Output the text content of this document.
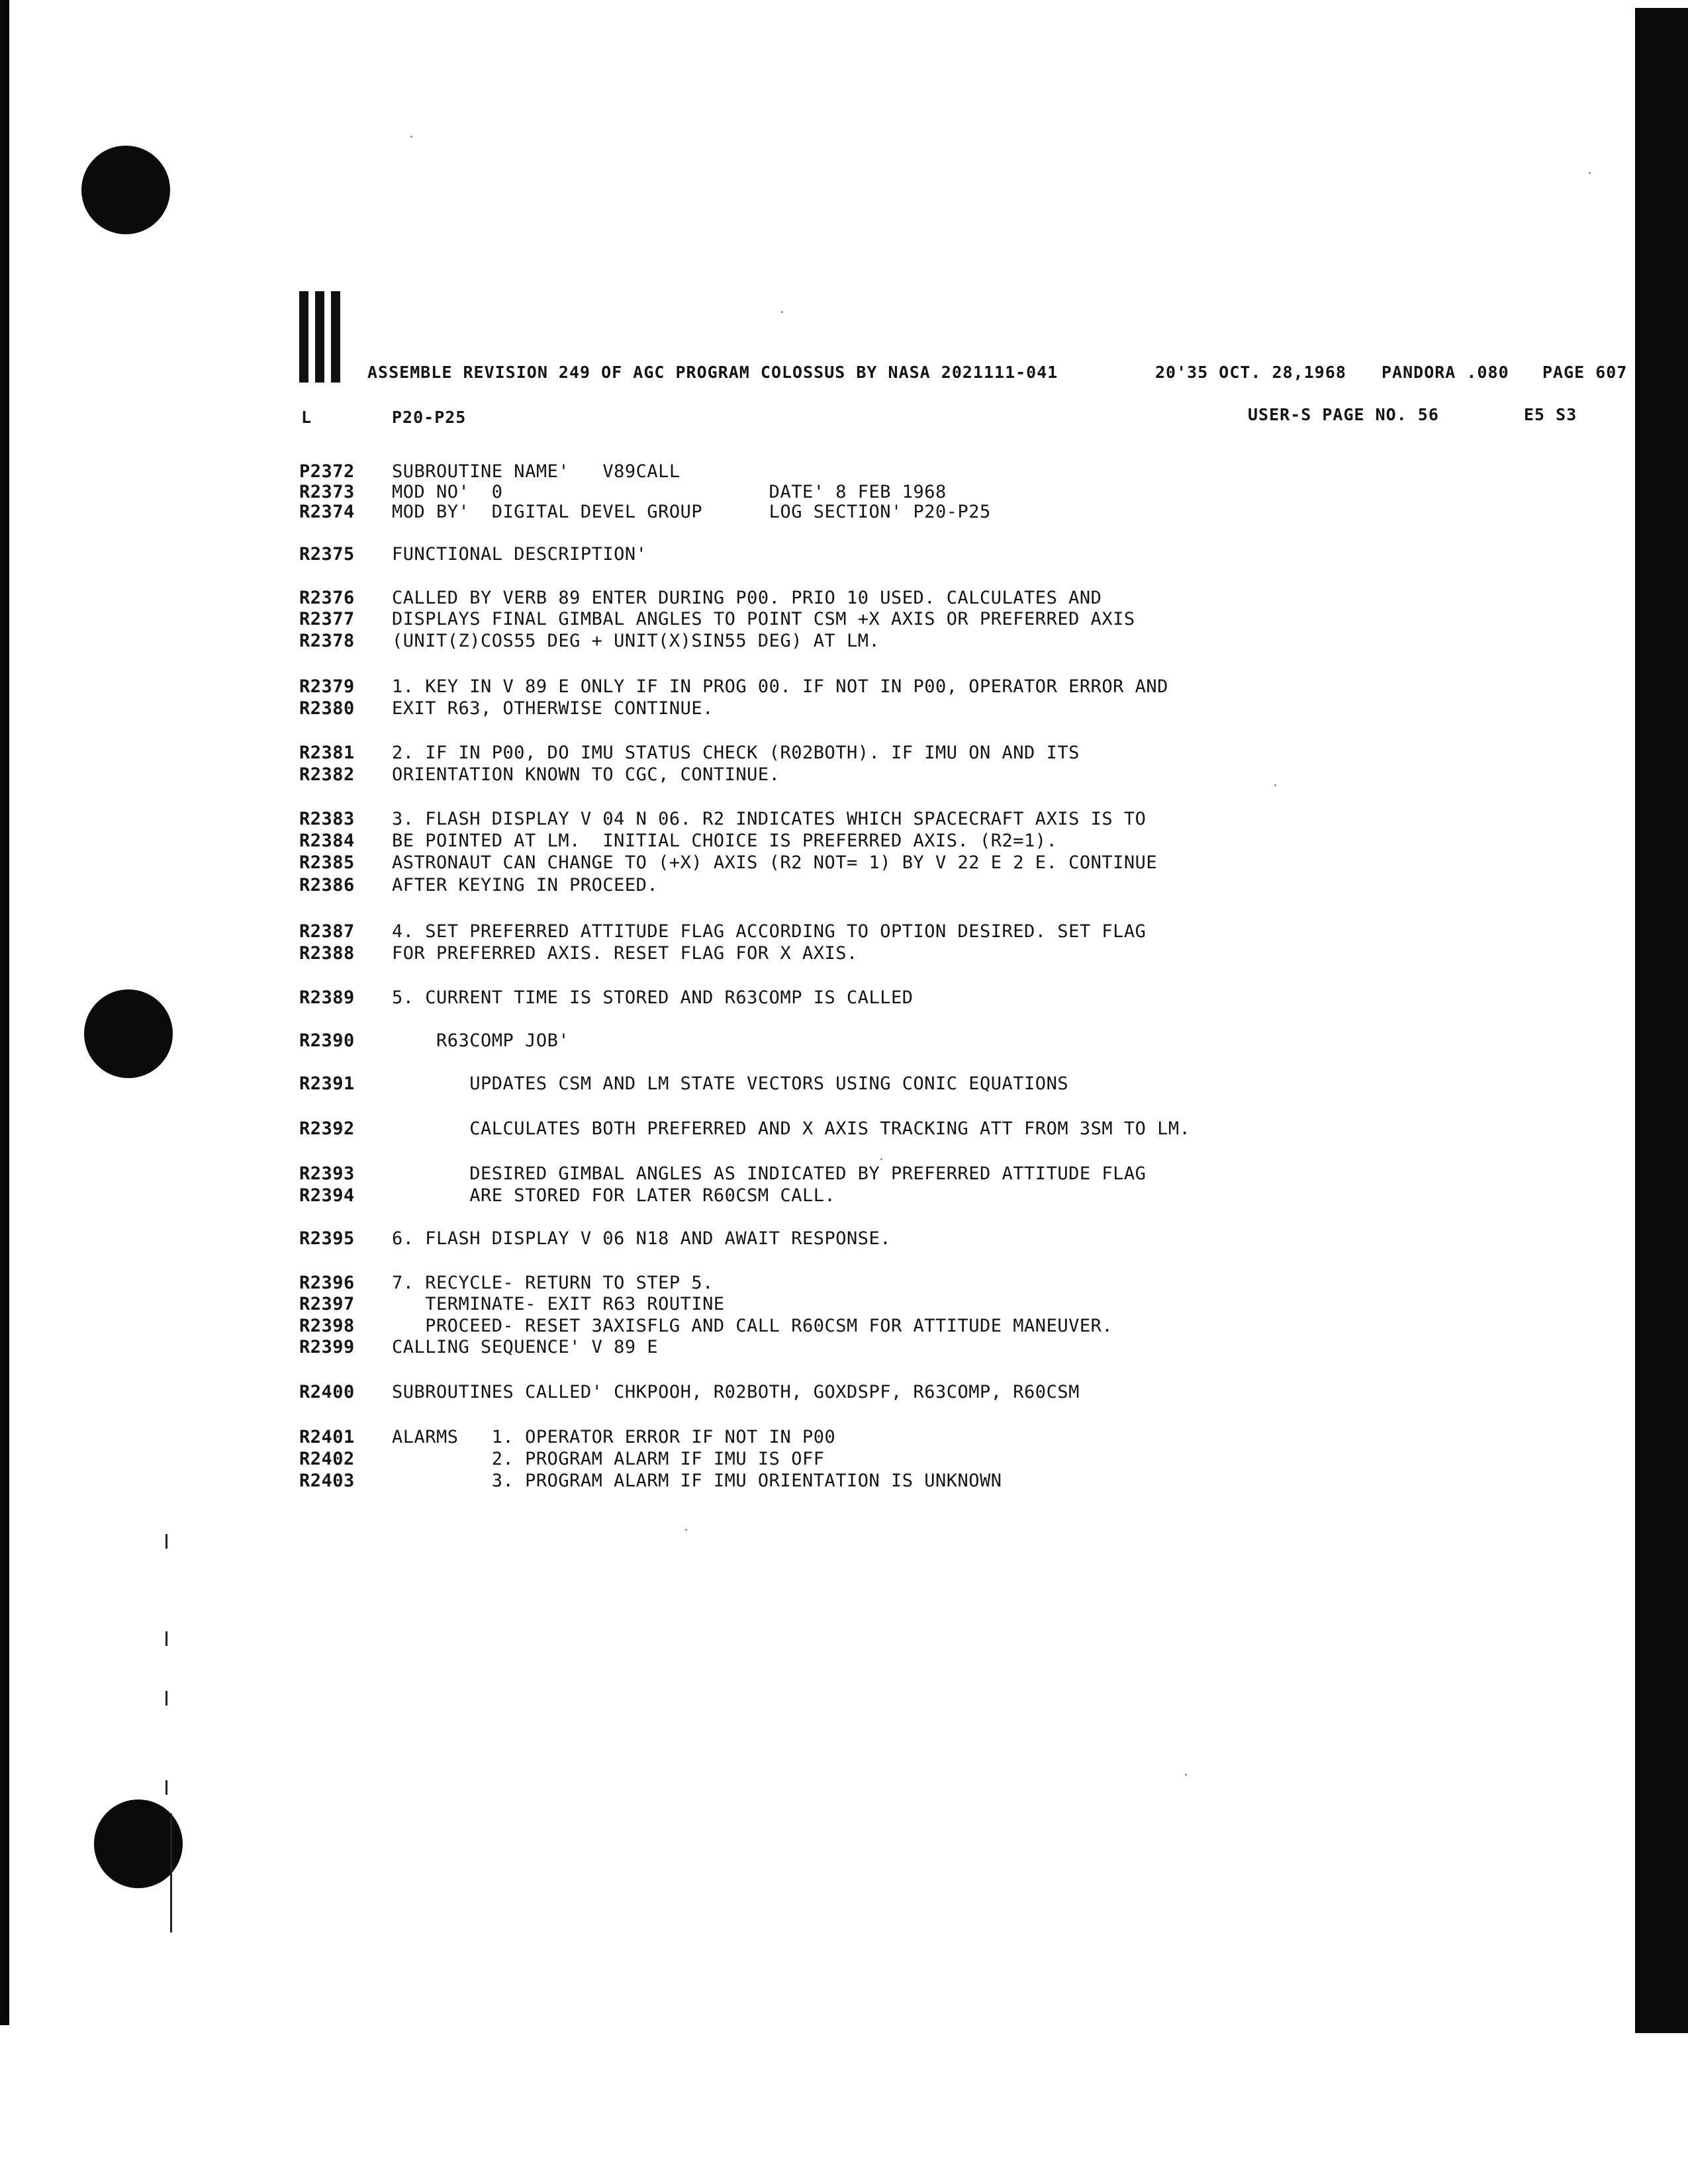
ASSEMBLE REVISION 249 OF AGC PROGRAM COLOSSUS BY NASA 2021111-041	20'35 OCT. 28,1968 PANDORA .080 PAGE 607
L	P20-P25	USER-S PAGE NO. 56	E5 S3
P2372 SUBROUTINE NAME'   V89CALL
R2373 MOD NO'  0                        DATE' 8 FEB 1968
R2374 MOD BY'  DIGITAL DEVEL GROUP      LOG SECTION' P20-P25
R2375 FUNCTIONAL DESCRIPTION'
R2376 CALLED BY VERB 89 ENTER DURING P00. PRIO 10 USED. CALCULATES AND
R2377 DISPLAYS FINAL GIMBAL ANGLES TO POINT CSM +X AXIS OR PREFERRED AXIS
R2378 (UNIT(Z)COS55 DEG + UNIT(X)SIN55 DEG) AT LM.
R2379 1. KEY IN V 89 E ONLY IF IN PROG 00. IF NOT IN P00, OPERATOR ERROR AND
R2380 EXIT R63, OTHERWISE CONTINUE.
R2381 2. IF IN P00, DO IMU STATUS CHECK (R02BOTH). IF IMU ON AND ITS
R2382 ORIENTATION KNOWN TO CGC, CONTINUE.
R2383 3. FLASH DISPLAY V 04 N 06. R2 INDICATES WHICH SPACECRAFT AXIS IS TO
R2384 BE POINTED AT LM.  INITIAL CHOICE IS PREFERRED AXIS. (R2=1).
R2385 ASTRONAUT CAN CHANGE TO (+X) AXIS (R2 NOT= 1) BY V 22 E 2 E. CONTINUE
R2386 AFTER KEYING IN PROCEED.
R2387 4. SET PREFERRED ATTITUDE FLAG ACCORDING TO OPTION DESIRED. SET FLAG
R2388 FOR PREFERRED AXIS. RESET FLAG FOR X AXIS.
R2389 5. CURRENT TIME IS STORED AND R63COMP IS CALLED
R2390 R63COMP JOB'
R2391 UPDATES CSM AND LM STATE VECTORS USING CONIC EQUATIONS
R2392 CALCULATES BOTH PREFERRED AND X AXIS TRACKING ATT FROM 3SM TO LM.
R2393 DESIRED GIMBAL ANGLES AS INDICATED BY PREFERRED ATTITUDE FLAG
R2394 ARE STORED FOR LATER R60CSM CALL.
R2395 6. FLASH DISPLAY V 06 N18 AND AWAIT RESPONSE.
R2396 7. RECYCLE- RETURN TO STEP 5.
R2397 TERMINATE- EXIT R63 ROUTINE
R2398 PROCEED- RESET 3AXISFLG AND CALL R60CSM FOR ATTITUDE MANEUVER.
R2399 CALLING SEQUENCE' V 89 E
R2400 SUBROUTINES CALLED' CHKPOOH, R02BOTH, GOXDSPF, R63COMP, R60CSM
R2401 ALARMS   1. OPERATOR ERROR IF NOT IN P00
R2402 2. PROGRAM ALARM IF IMU IS OFF
R2403 3. PROGRAM ALARM IF IMU ORIENTATION IS UNKNOWN
